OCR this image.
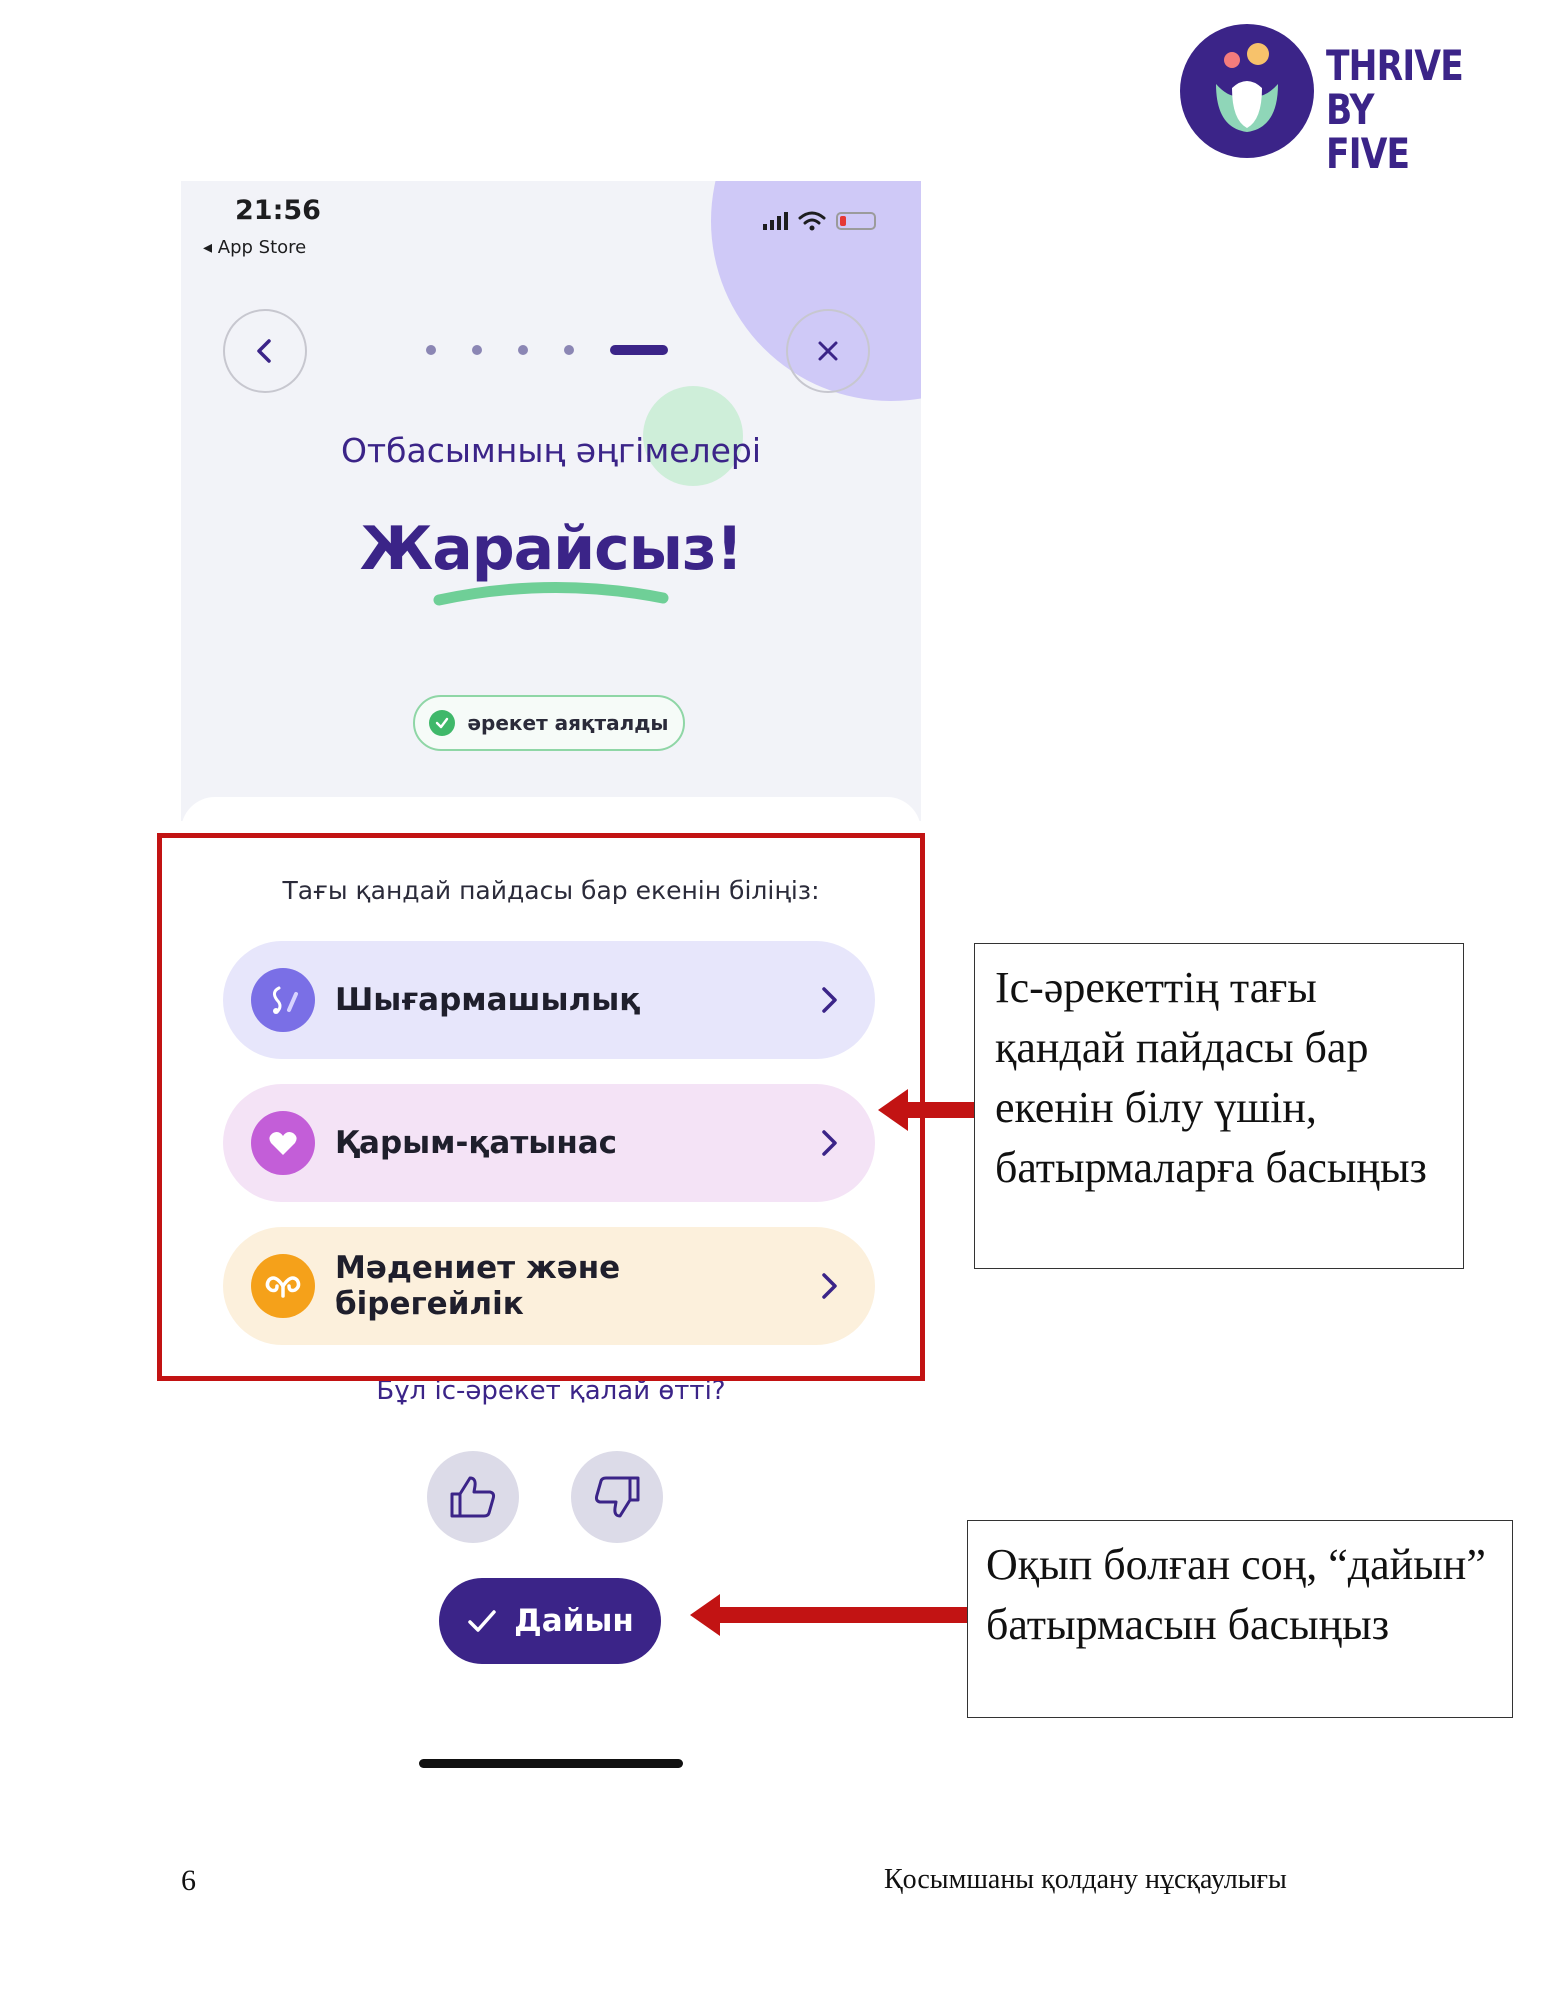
THRIVE
BY FIVE
21:56
◂ App Store
Отбасымның әңгімелері
Жарайсыз!
әрекет аяқталды
Тағы қандай пайдасы бар екенін біліңіз:
Шығармашылық
Қарым-қатынас
Мәдениет және бірегейлік
Бұл іс-әрекет қалай өтті?
Дайын
Іс-әрекеттің тағы қандай пайдасы бар екенін білу үшін, батырмаларға басыңыз
Оқып болған соң, “дайын” батырмасын басыңыз
6	Қосымшаны қолдану нұсқаулығы
